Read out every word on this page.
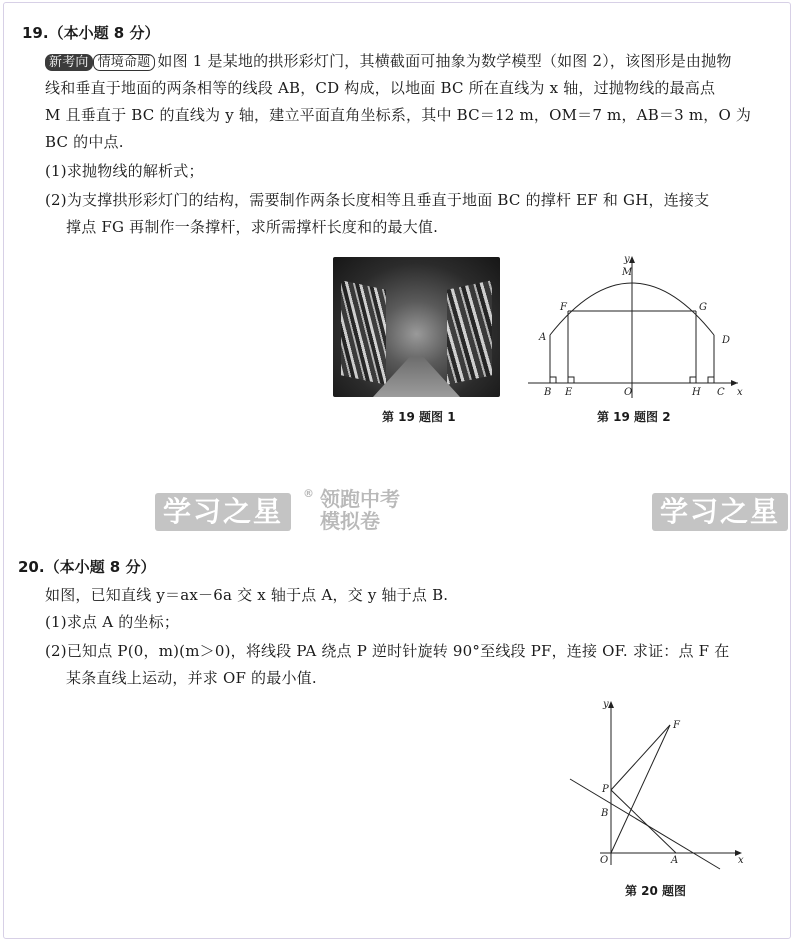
19.（本小题 8 分）
新考向 情境命题 如图 1 是某地的拱形彩灯门，其横截面可抽象为数学模型（如图 2），该图形是由抛物
线和垂直于地面的两条相等的线段 AB，CD 构成，以地面 BC 所在直线为 x 轴，过抛物线的最高点
M 且垂直于 BC 的直线为 y 轴，建立平面直角坐标系，其中 BC＝12 m，OM＝7 m，AB＝3 m，O 为
BC 的中点.
(1)求抛物线的解析式；
(2)为支撑拱形彩灯门的结构，需要制作两条长度相等且垂直于地面 BC 的撑杆 EF 和 GH，连接支
撑点 FG 再制作一条撑杆，求所需撑杆长度和的最大值.
第 19 题图 1
y
M
F	G
A	D
B E	O	H C x
第 19 题图 2
学习之星
® 领跑中考
模拟卷	学习之星
20.（本小题 8 分）
如图，已知直线 y＝ax－6a 交 x 轴于点 A，交 y 轴于点 B.
(1)求点 A 的坐标；
(2)已知点 P(0，m)(m＞0)，将线段 PA 绕点 P 逆时针旋转 90°至线段 PF，连接 OF. 求证：点 F 在
某条直线上运动，并求 OF 的最小值.
y
F
P
B
O	A	x
第 20 题图
